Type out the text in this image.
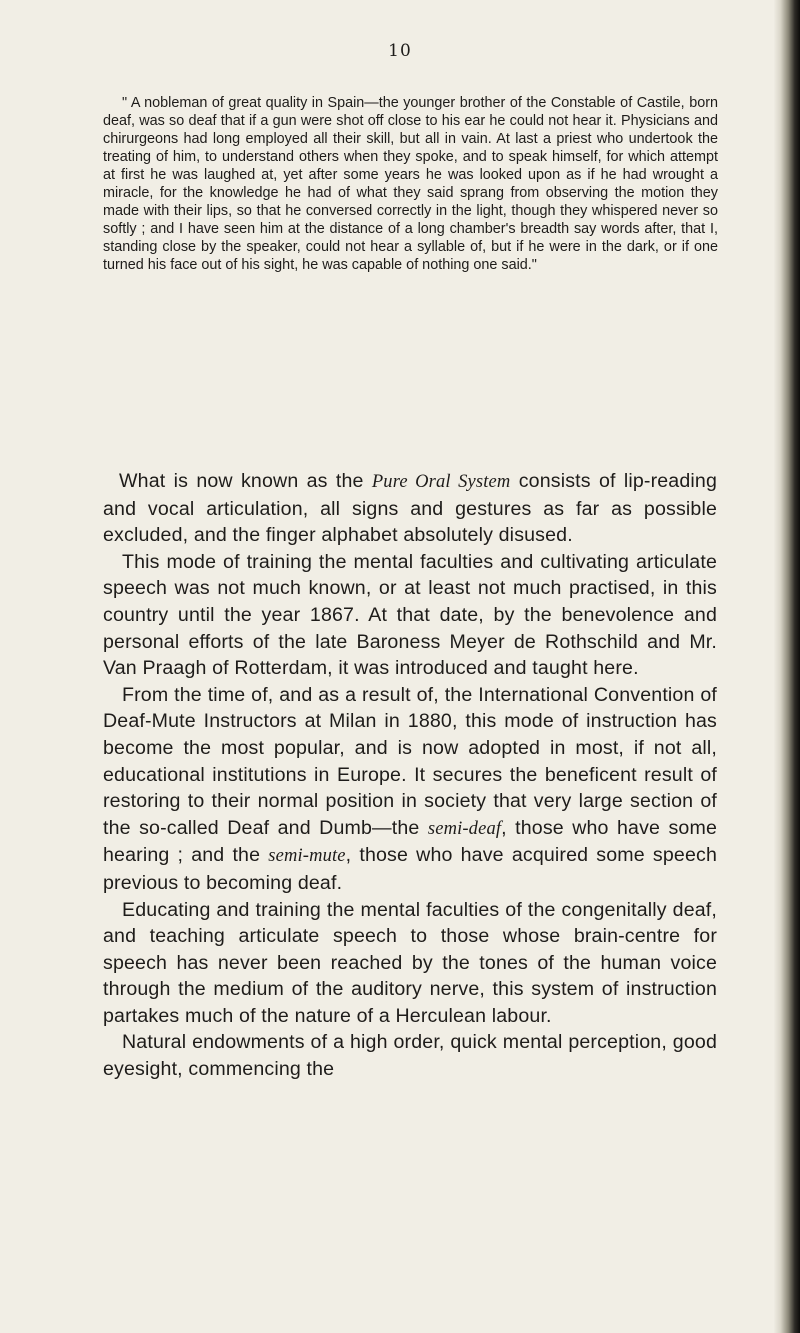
10

" A nobleman of great quality in Spain—the younger brother of the Constable of Castile, born deaf, was so deaf that if a gun were shot off close to his ear he could not hear it. Physicians and chirurgeons had long employed all their skill, but all in vain. At last a priest who undertook the treating of him, to understand others when they spoke, and to speak himself, for which attempt at first he was laughed at, yet after some years he was looked upon as if he had wrought a miracle, for the knowledge he had of what they said sprang from observing the motion they made with their lips, so that he conversed correctly in the light, though they whispered never so softly ; and I have seen him at the distance of a long chamber's breadth say words after, that I, standing close by the speaker, could not hear a syllable of, but if he were in the dark, or if one turned his face out of his sight, he was capable of nothing one said."

What is now known as the Pure Oral System consists of lip-reading and vocal articulation, all signs and gestures as far as possible excluded, and the finger alphabet absolutely disused.

This mode of training the mental faculties and cultivating articulate speech was not much known, or at least not much practised, in this country until the year 1867. At that date, by the benevolence and personal efforts of the late Baroness Meyer de Rothschild and Mr. Van Praagh of Rotterdam, it was introduced and taught here.

From the time of, and as a result of, the International Convention of Deaf-Mute Instructors at Milan in 1880, this mode of instruction has become the most popular, and is now adopted in most, if not all, educational institutions in Europe. It secures the beneficent result of restoring to their normal position in society that very large section of the so-called Deaf and Dumb—the semi-deaf, those who have some hearing ; and the semi-mute, those who have acquired some speech previous to becoming deaf.

Educating and training the mental faculties of the congenitally deaf, and teaching articulate speech to those whose brain-centre for speech has never been reached by the tones of the human voice through the medium of the auditory nerve, this system of instruction partakes much of the nature of a Herculean labour.

Natural endowments of a high order, quick mental perception, good eyesight, commencing the
